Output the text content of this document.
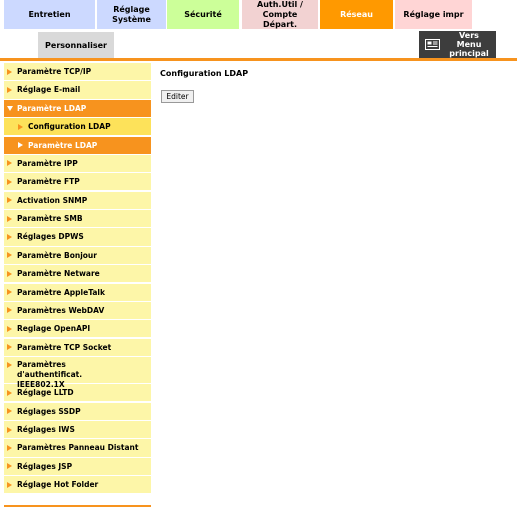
Entretien
Réglage Système
Sécurité
Auth.Util / Compte Départ.
Réseau	Réglage impr
Personnaliser
Vers Menu principal
Paramètre TCP/IP
Réglage E-mail
Paramètre LDAP
Configuration LDAP
Paramètre LDAP
Paramètre IPP
Paramètre FTP
Activation SNMP
Paramètre SMB
Réglages DPWS
Paramètre Bonjour
Paramètre Netware
Paramètre AppleTalk
Paramètres WebDAV
Reglage OpenAPI
Paramètre TCP Socket
Paramètres d'authentificat. IEEE802.1X
Réglage LLTD
Réglages SSDP
Réglages IWS
Paramètres Panneau Distant
Réglages JSP
Réglage Hot Folder
Configuration LDAP
Editer
